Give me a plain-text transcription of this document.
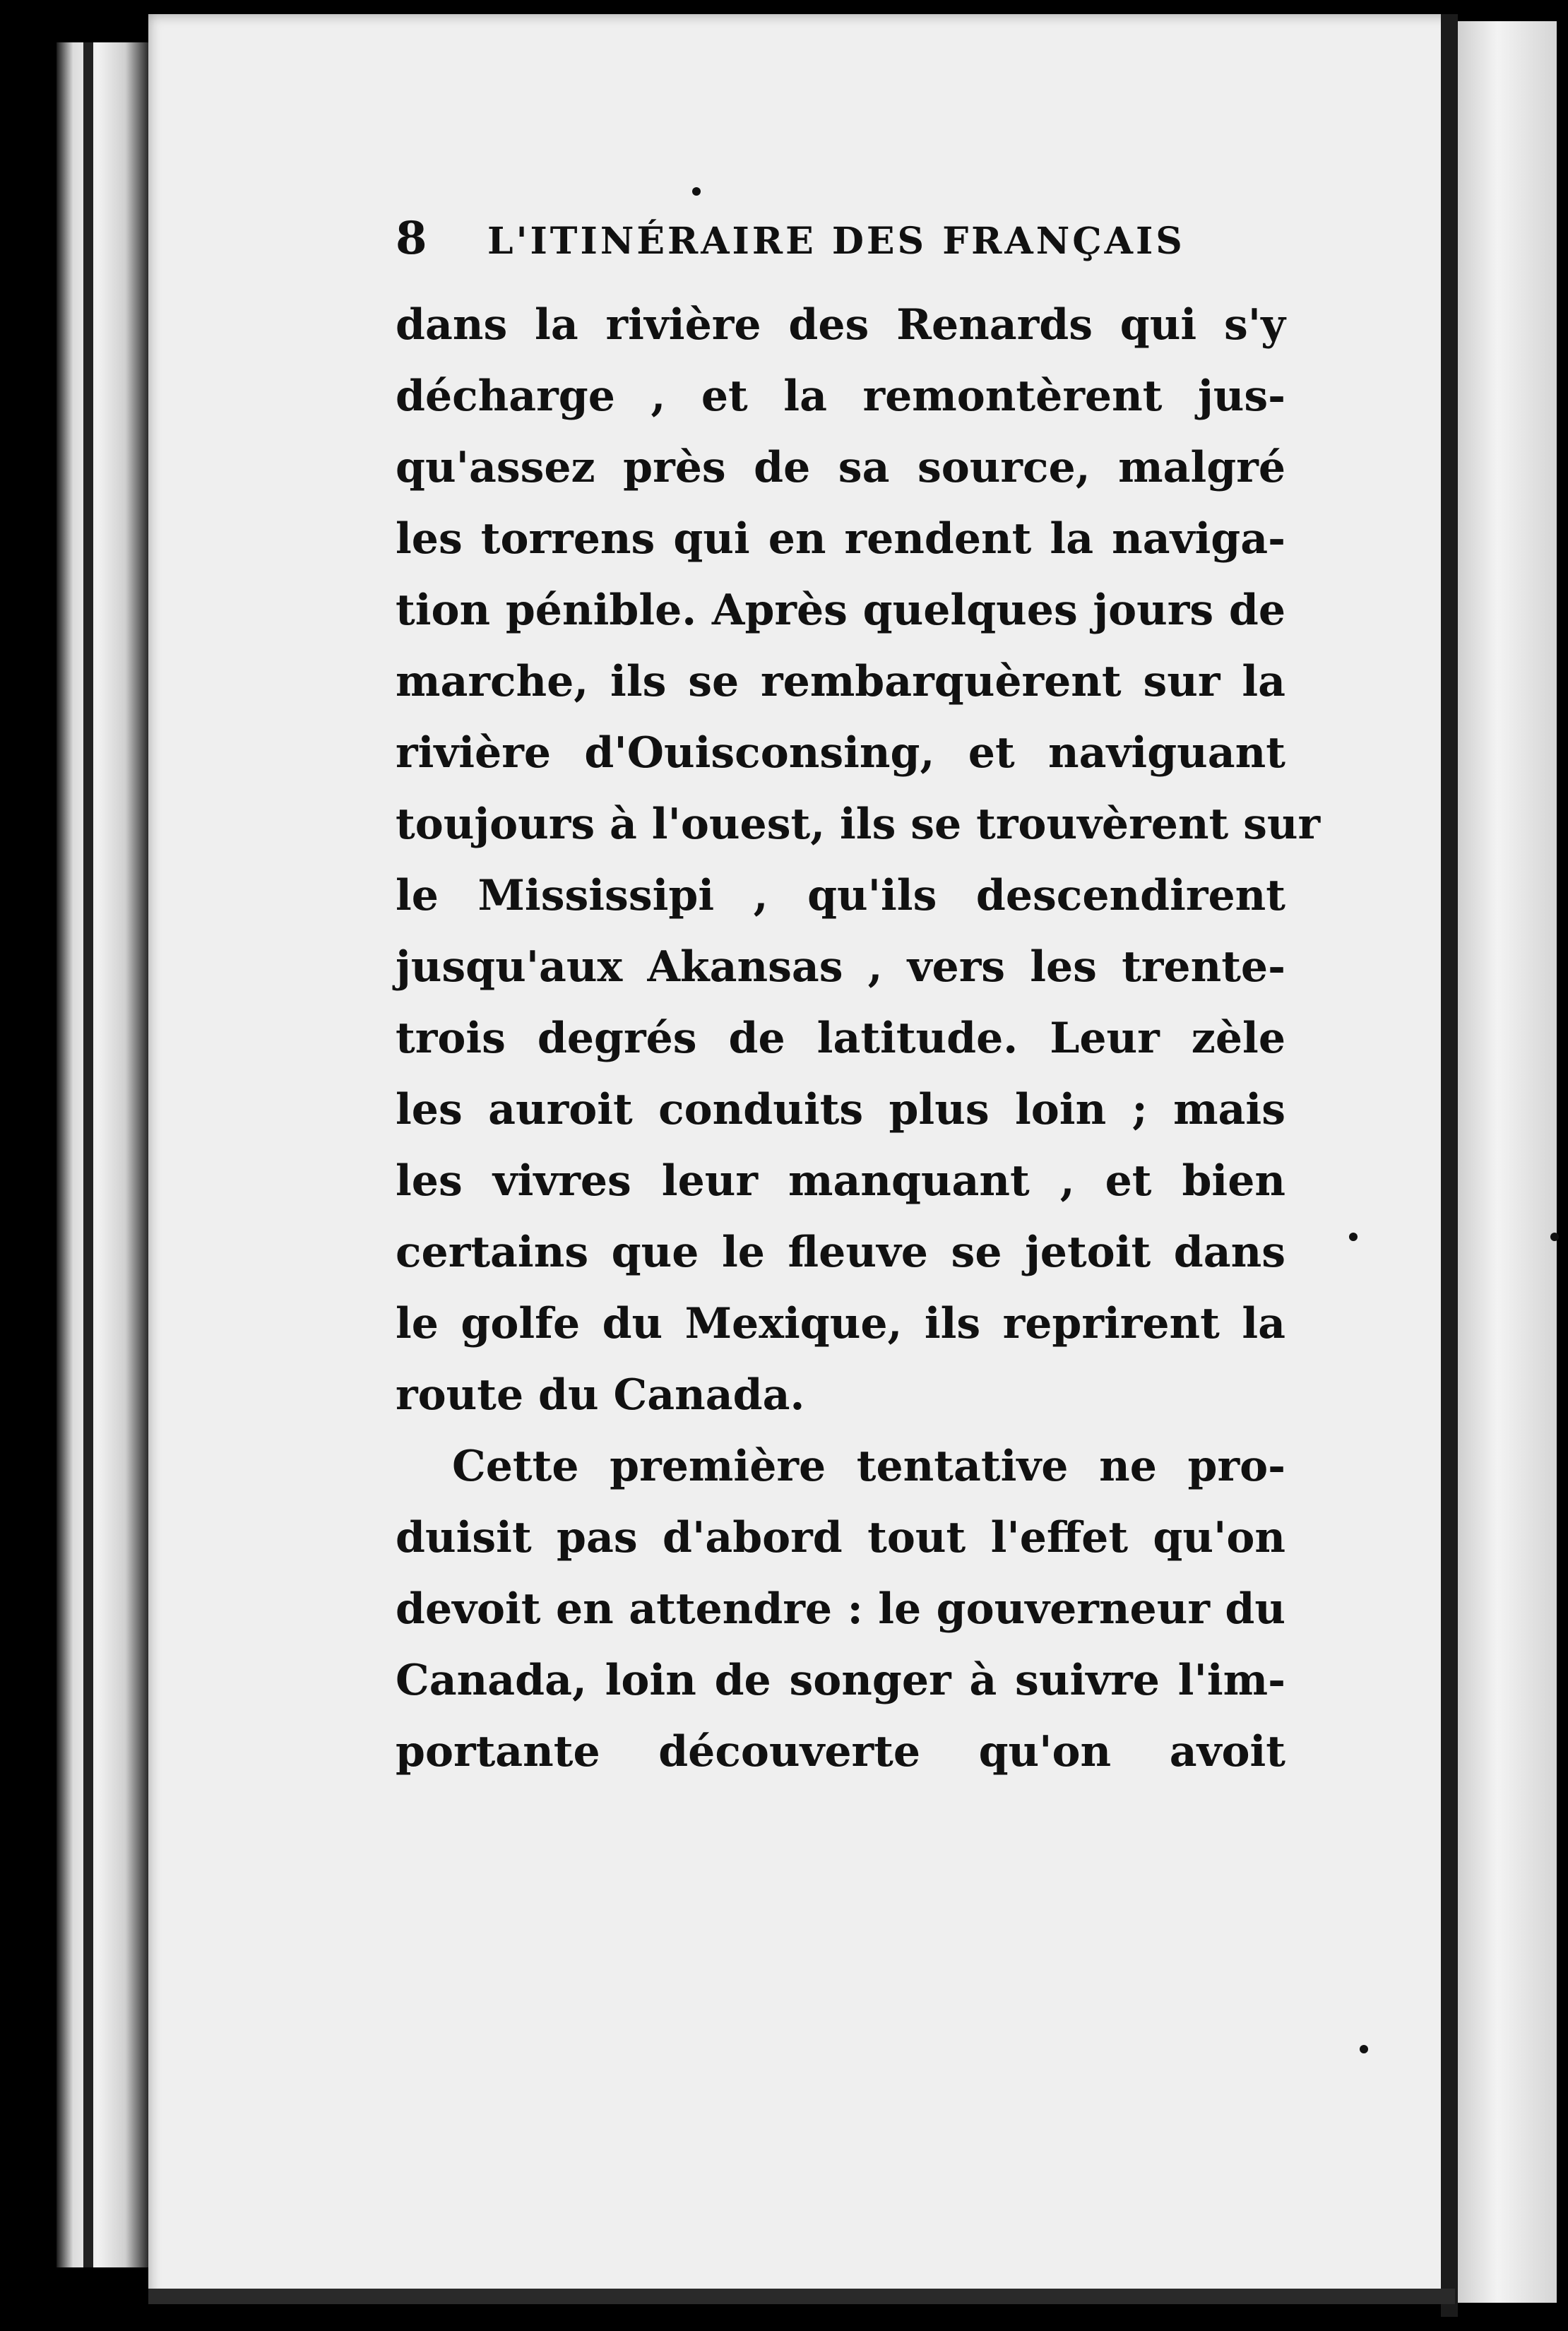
8	L'ITINÉRAIRE DES FRANÇAIS
dans la rivière des Renards qui s'y
décharge , et la remontèrent jus-
qu'assez près de sa source, malgré
les torrens qui en rendent la naviga-
tion pénible. Après quelques jours de
marche, ils se rembarquèrent sur la
rivière d'Ouisconsing, et naviguant
toujours à l'ouest, ils se trouvèrent sur
le Mississipi , qu'ils descendirent
jusqu'aux Akansas , vers les trente-
trois degrés de latitude. Leur zèle
les auroit conduits plus loin ; mais
les vivres leur manquant , et bien
certains que le fleuve se jetoit dans
le golfe du Mexique, ils reprirent la
route du Canada.
Cette première tentative ne pro-
duisit pas d'abord tout l'effet qu'on
devoit en attendre : le gouverneur du
Canada, loin de songer à suivre l'im-
portante découverte qu'on avoit
